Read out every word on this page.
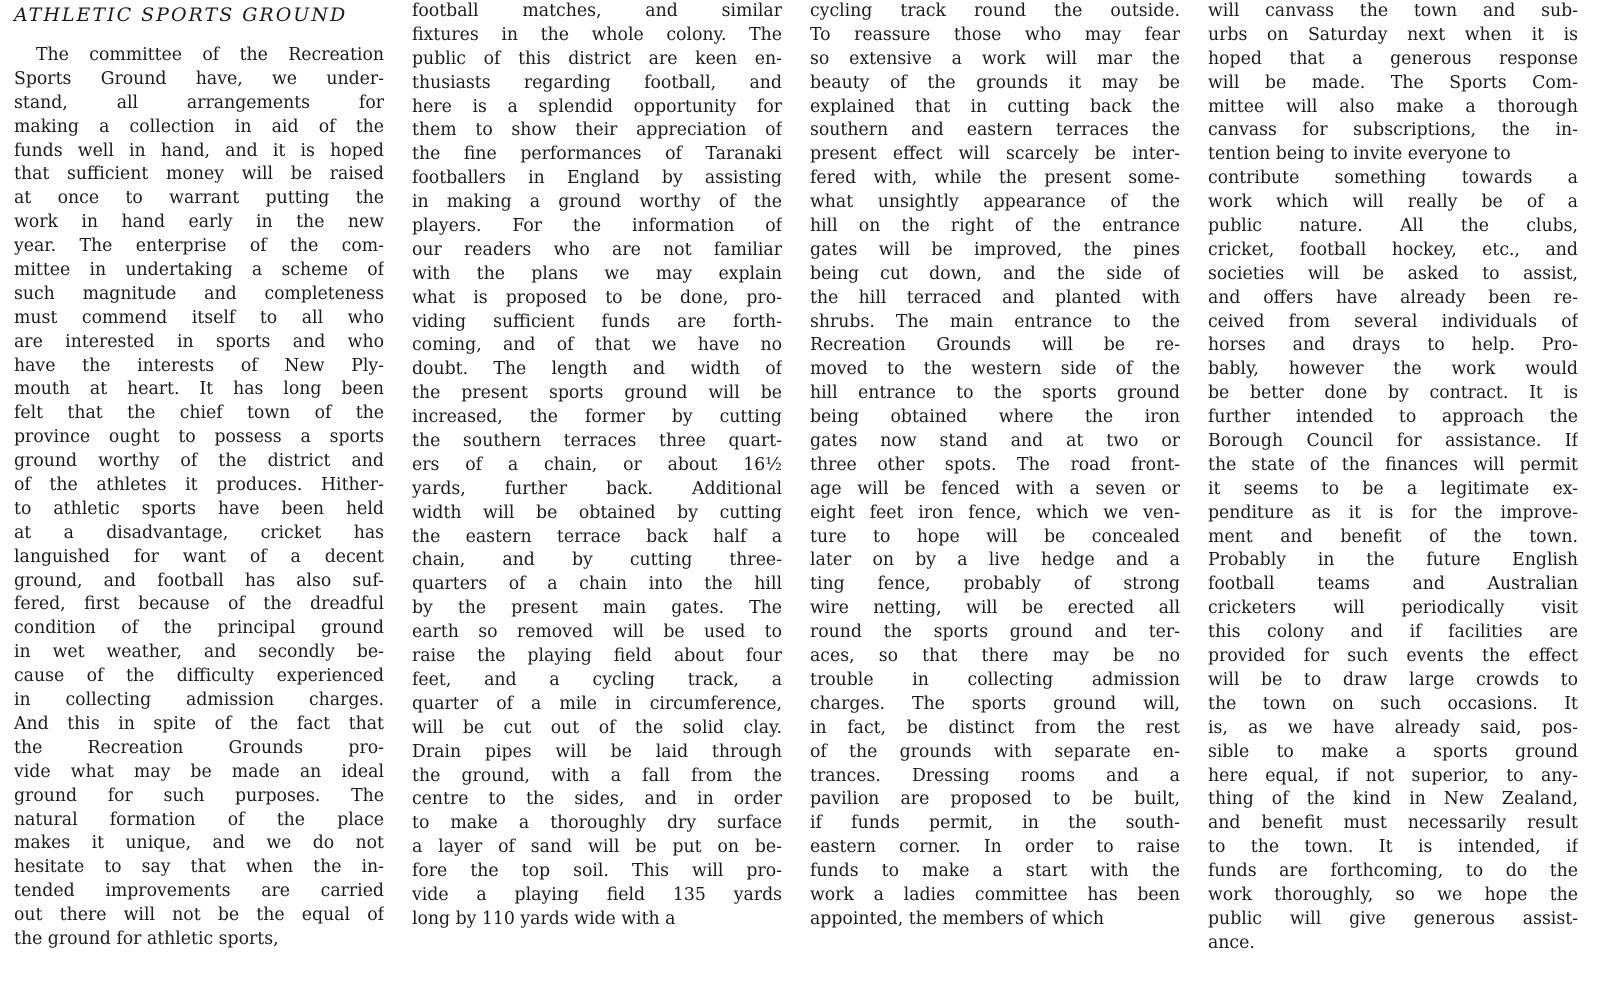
ATHLETIC SPORTS GROUND
The committee of the Recreation
Sports Ground have, we under-
stand, all arrangements for
making a collection in aid of the
funds well in hand, and it is hoped
that sufficient money will be raised
at once to warrant putting the
work in hand early in the new
year. The enterprise of the com-
mittee in undertaking a scheme of
such magnitude and completeness
must commend itself to all who
are interested in sports and who
have the interests of New Ply-
mouth at heart. It has long been
felt that the chief town of the
province ought to possess a sports
ground worthy of the district and
of the athletes it produces. Hither-
to athletic sports have been held
at a disadvantage, cricket has
languished for want of a decent
ground, and football has also suf-
fered, first because of the dreadful
condition of the principal ground
in wet weather, and secondly be-
cause of the difficulty experienced
in collecting admission charges.
And this in spite of the fact that
the Recreation Grounds pro-
vide what may be made an ideal
ground for such purposes. The
natural formation of the place
makes it unique, and we do not
hesitate to say that when the in-
tended improvements are carried
out there will not be the equal of
the ground for athletic sports,
football matches, and similar
fixtures in the whole colony. The
public of this district are keen en-
thusiasts regarding football, and
here is a splendid opportunity for
them to show their appreciation of
the fine performances of Taranaki
footballers in England by assisting
in making a ground worthy of the
players. For the information of
our readers who are not familiar
with the plans we may explain
what is proposed to be done, pro-
viding sufficient funds are forth-
coming, and of that we have no
doubt. The length and width of
the present sports ground will be
increased, the former by cutting
the southern terraces three quart-
ers of a chain, or about 16½
yards, further back. Additional
width will be obtained by cutting
the eastern terrace back half a
chain, and by cutting three-
quarters of a chain into the hill
by the present main gates. The
earth so removed will be used to
raise the playing field about four
feet, and a cycling track, a
quarter of a mile in circumference,
will be cut out of the solid clay.
Drain pipes will be laid through
the ground, with a fall from the
centre to the sides, and in order
to make a thoroughly dry surface
a layer of sand will be put on be-
fore the top soil. This will pro-
vide a playing field 135 yards
long by 110 yards wide with a
cycling track round the outside.
To reassure those who may fear
so extensive a work will mar the
beauty of the grounds it may be
explained that in cutting back the
southern and eastern terraces the
present effect will scarcely be inter-
fered with, while the present some-
what unsightly appearance of the
hill on the right of the entrance
gates will be improved, the pines
being cut down, and the side of
the hill terraced and planted with
shrubs. The main entrance to the
Recreation Grounds will be re-
moved to the western side of the
hill entrance to the sports ground
being obtained where the iron
gates now stand and at two or
three other spots. The road front-
age will be fenced with a seven or
eight feet iron fence, which we ven-
ture to hope will be concealed
later on by a live hedge and a
ting fence, probably of strong
wire netting, will be erected all
round the sports ground and ter-
aces, so that there may be no
trouble in collecting admission
charges. The sports ground will,
in fact, be distinct from the rest
of the grounds with separate en-
trances. Dressing rooms and a
pavilion are proposed to be built,
if funds permit, in the south-
eastern corner. In order to raise
funds to make a start with the
work a ladies committee has been
appointed, the members of which
will canvass the town and sub-
urbs on Saturday next when it is
hoped that a generous response
will be made. The Sports Com-
mittee will also make a thorough
canvass for subscriptions, the in-
tention being to invite everyone to
contribute something towards a
work which will really be of a
public nature. All the clubs,
cricket, football hockey, etc., and
societies will be asked to assist,
and offers have already been re-
ceived from several individuals of
horses and drays to help. Pro-
bably, however the work would
be better done by contract. It is
further intended to approach the
Borough Council for assistance. If
the state of the finances will permit
it seems to be a legitimate ex-
penditure as it is for the improve-
ment and benefit of the town.
Probably in the future English
football teams and Australian
cricketers will periodically visit
this colony and if facilities are
provided for such events the effect
will be to draw large crowds to
the town on such occasions. It
is, as we have already said, pos-
sible to make a sports ground
here equal, if not superior, to any-
thing of the kind in New Zealand,
and benefit must necessarily result
to the town. It is intended, if
funds are forthcoming, to do the
work thoroughly, so we hope the
public will give generous assist-
ance.
